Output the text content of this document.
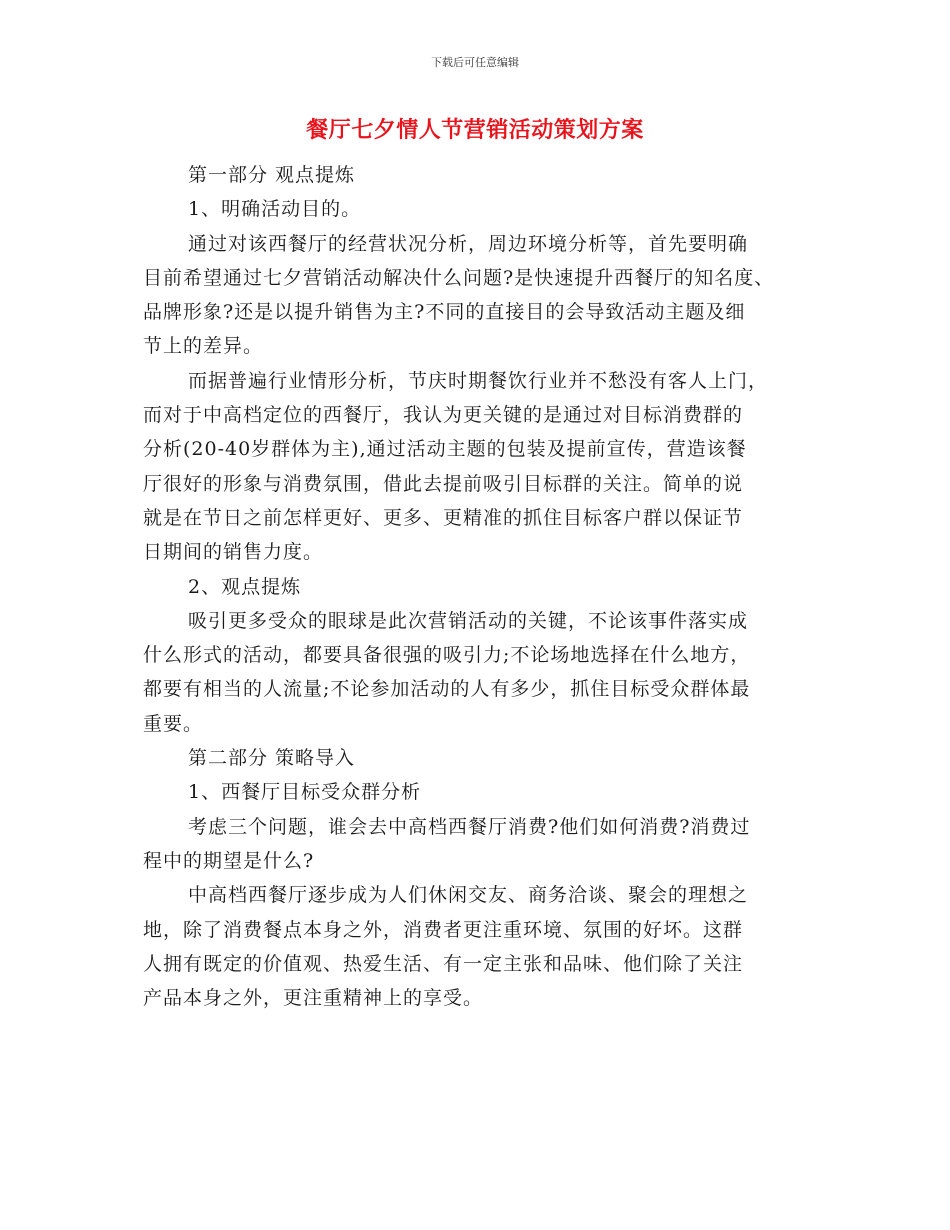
下载后可任意编辑
餐厅七夕情人节营销活动策划方案
第一部分 观点提炼
1、明确活动目的。
通过对该西餐厅的经营状况分析，周边环境分析等，首先要明确
目前希望通过七夕营销活动解决什么问题?是快速提升西餐厅的知名度、
品牌形象?还是以提升销售为主?不同的直接目的会导致活动主题及细
节上的差异。
而据普遍行业情形分析，节庆时期餐饮行业并不愁没有客人上门，
而对于中高档定位的西餐厅，我认为更关键的是通过对目标消费群的
分析(20-40岁群体为主),通过活动主题的包装及提前宣传，营造该餐
厅很好的形象与消费氛围，借此去提前吸引目标群的关注。简单的说
就是在节日之前怎样更好、更多、更精准的抓住目标客户群以保证节
日期间的销售力度。
2、观点提炼
吸引更多受众的眼球是此次营销活动的关键，不论该事件落实成
什么形式的活动，都要具备很强的吸引力;不论场地选择在什么地方，
都要有相当的人流量;不论参加活动的人有多少，抓住目标受众群体最
重要。
第二部分 策略导入
1、西餐厅目标受众群分析
考虑三个问题，谁会去中高档西餐厅消费?他们如何消费?消费过
程中的期望是什么?
中高档西餐厅逐步成为人们休闲交友、商务洽谈、聚会的理想之
地，除了消费餐点本身之外，消费者更注重环境、氛围的好坏。这群
人拥有既定的价值观、热爱生活、有一定主张和品味、他们除了关注
产品本身之外，更注重精神上的享受。
